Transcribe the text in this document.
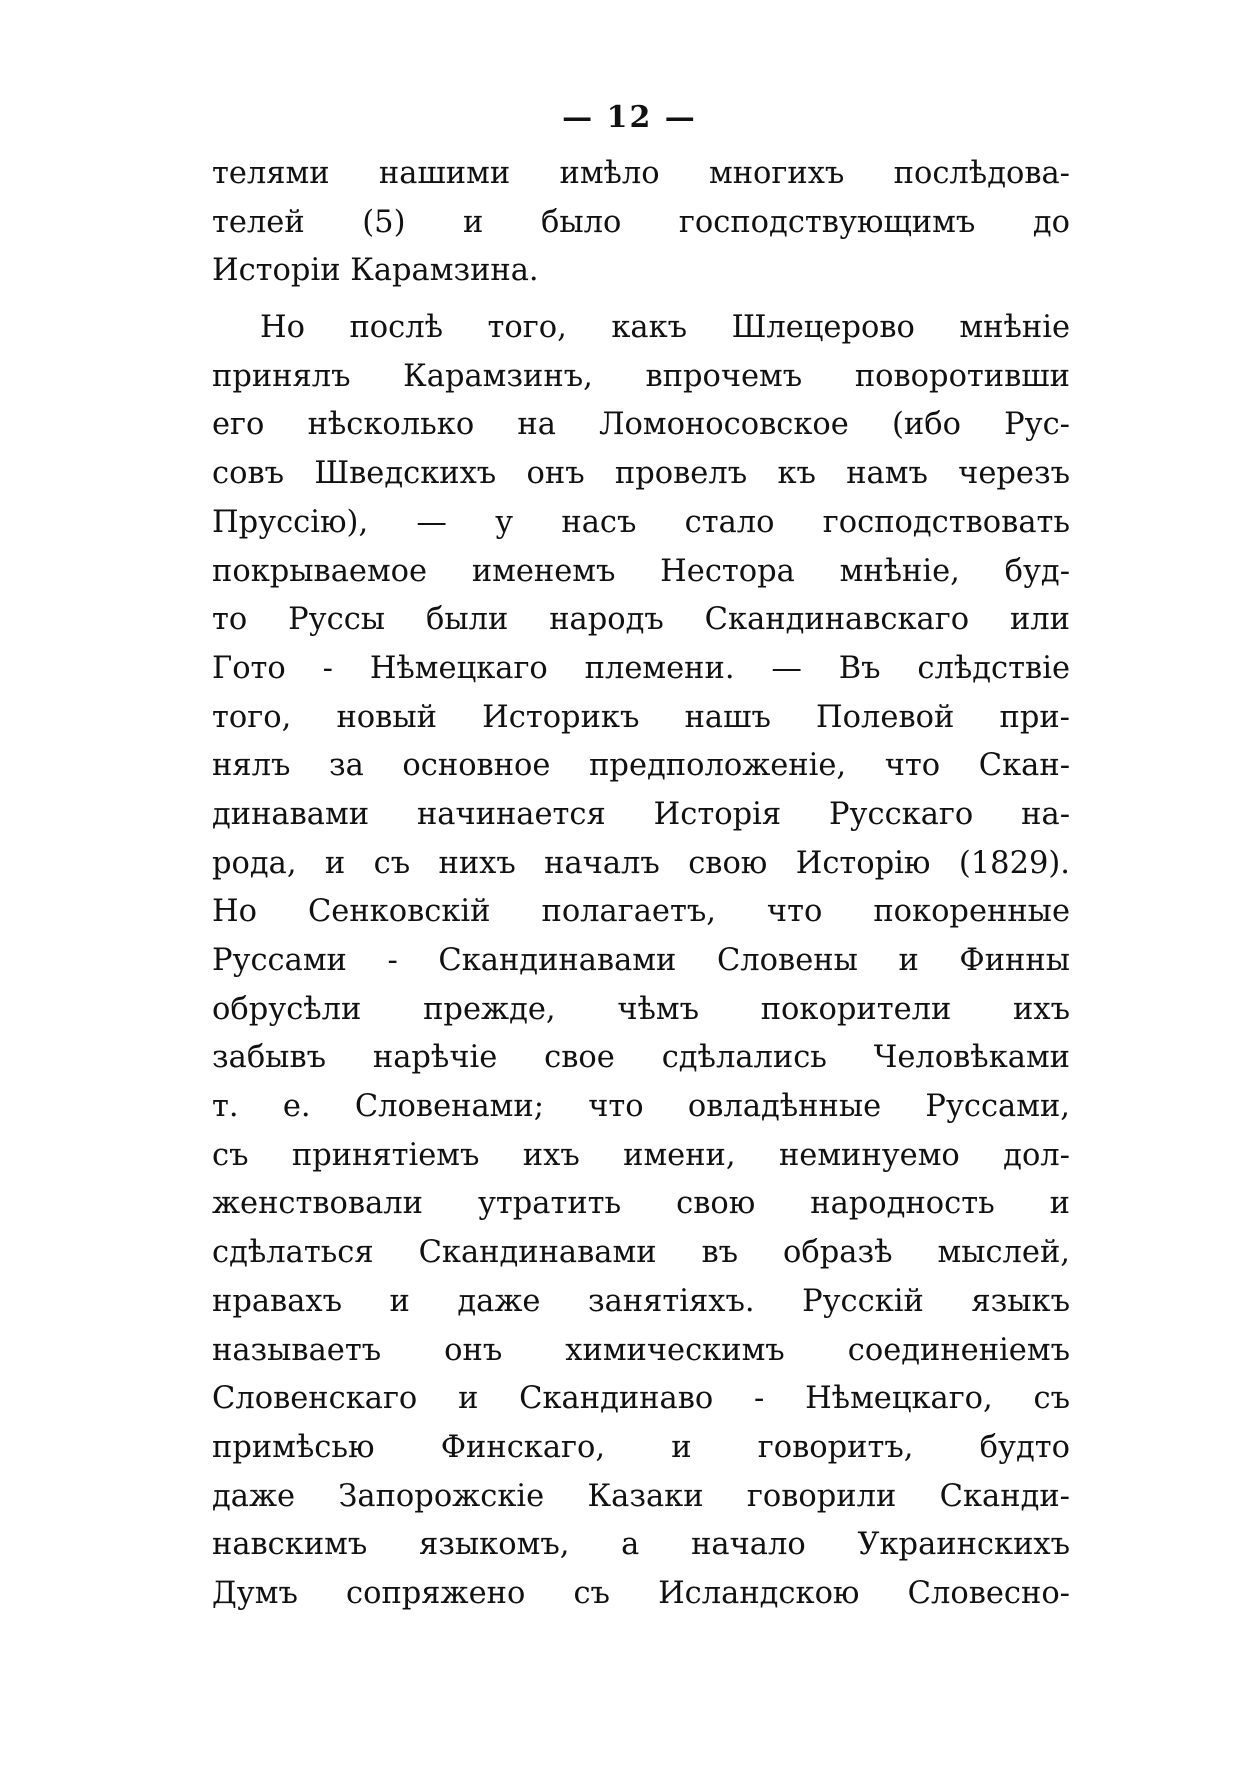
— 12 —
телями нашими имѣло многихъ послѣдова-
телей (5) и было господствующимъ до
Исторіи Карамзина.
Но послѣ того, какъ Шлецерово мнѣніе
принялъ Карамзинъ, впрочемъ поворотивши
его нѣсколько на Ломоносовское (ибо Рус-
совъ Шведскихъ онъ провелъ къ намъ черезъ
Пруссію), — у насъ стало господствовать
покрываемое именемъ Нестора мнѣніе, буд-
то Руссы были народъ Скандинавскаго или
Гото - Нѣмецкаго племени. — Въ слѣдствіе
того, новый Историкъ нашъ Полевой при-
нялъ за основное предположеніе, что Скан-
динавами начинается Исторія Русскаго на-
рода, и съ нихъ началъ свою Исторію (1829).
Но Сенковскій полагаетъ, что покоренные
Руссами - Скандинавами Словены и Финны
обрусѣли прежде, чѣмъ покорители ихъ
забывъ нарѣчіе свое сдѣлались Человѣками
т. е. Словенами; что овладѣнные Руссами,
съ принятіемъ ихъ имени, неминуемо дол-
женствовали утратить свою народность и
сдѣлаться Скандинавами въ образѣ мыслей,
нравахъ и даже занятіяхъ. Русскій языкъ
называетъ онъ химическимъ соединеніемъ
Словенскаго и Скандинаво - Нѣмецкаго, съ
примѣсью Финскаго, и говоритъ, будто
даже Запорожскіе Казаки говорили Сканди-
навскимъ языкомъ, а начало Украинскихъ
Думъ сопряжено съ Исландскою Словесно-
